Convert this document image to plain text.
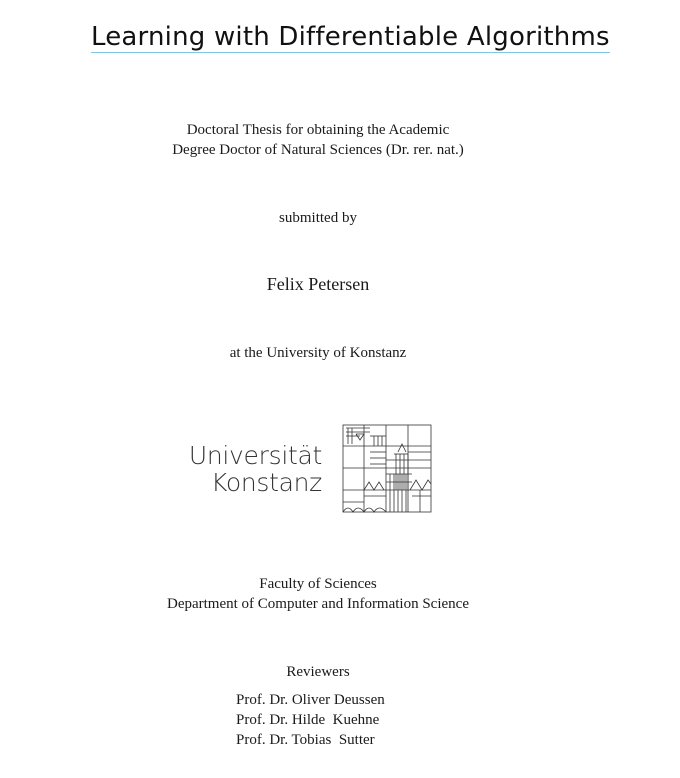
Learning with Differentiable Algorithms
Doctoral Thesis for obtaining the Academic
Degree Doctor of Natural Sciences (Dr. rer. nat.)
submitted by
Felix Petersen
at the University of Konstanz
Universität
Konstanz
Faculty of Sciences
Department of Computer and Information Science
Reviewers
Prof. Dr. Oliver Deussen
Prof. Dr. Hilde  Kuehne
Prof. Dr. Tobias  Sutter
